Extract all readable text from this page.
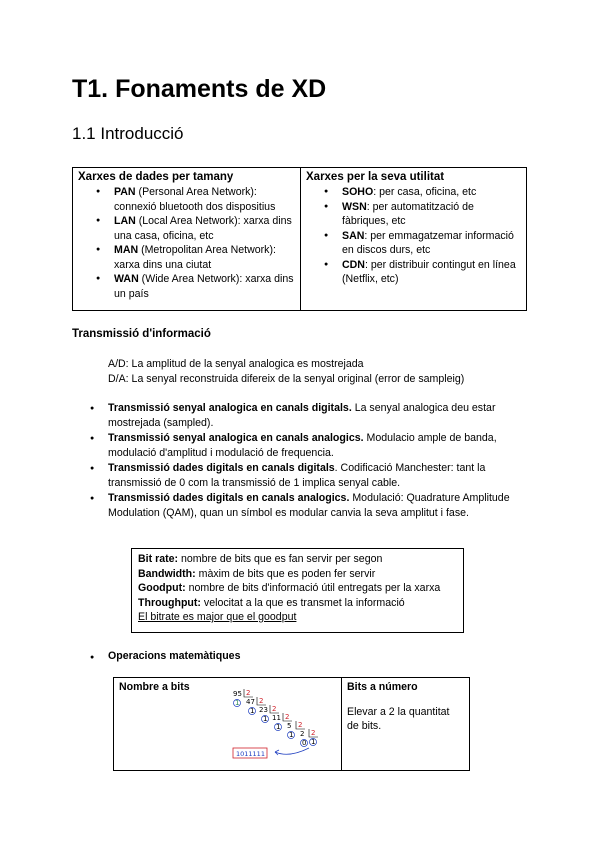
T1. Fonaments de XD
1.1 Introducció
Xarxes de dades per tamany
● PAN (Personal Area Network): connexió bluetooth dos dispositius
● LAN (Local Area Network): xarxa dins una casa, oficina, etc
● MAN (Metropolitan Area Network): xarxa dins una ciutat
● WAN (Wide Area Network): xarxa dins un país

Xarxes per la seva utilitat
● SOHO: per casa, oficina, etc
● WSN: per automatització de fàbriques, etc
● SAN: per emmagatzemar informació en discos durs, etc
● CDN: per distribuir contingut en línea (Netflix, etc)
Transmissió d'informació
A/D: La amplitud de la senyal analogica es mostrejada
D/A: La senyal reconstruida difereix de la senyal original (error de sampleig)
● Transmissió senyal analogica en canals digitals. La senyal analogica deu estar mostrejada (sampled).
● Transmissió senyal analogica en canals analogics. Modulacio ample de banda, modulació d'amplitud i modulació de frequencia.
● Transmissió dades digitals en canals digitals. Codificació Manchester: tant la transmissió de 0 com la transmissió de 1 implica senyal cable.
● Transmissió dades digitals en canals analogics. Modulació: Quadrature Amplitude Modulation (QAM), quan un símbol es modular canvia la seva amplitut i fase.
Bit rate: nombre de bits que es fan servir per segon
Bandwidth: màxim de bits que es poden fer servir
Goodput: nombre de bits d'informació útil entregats per la xarxa
Throughput: velocitat a la que es transmet la informació
El bitrate es major que el goodput
● Operacions matemàtiques
Nombre a bits
95
1 47
1 23
1 11
1 5
1 2
0 1
2
2
2
2
2
2
1011111

Bits a número
Elevar a 2 la quantitat de bits.
